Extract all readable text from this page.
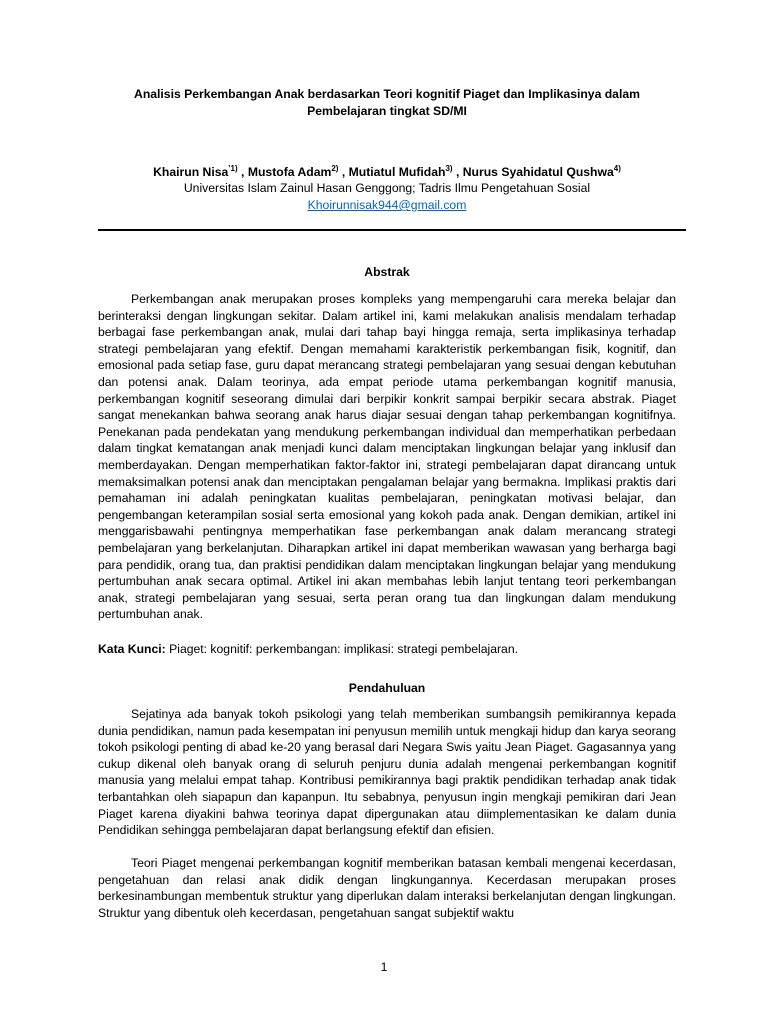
Analisis Perkembangan Anak berdasarkan Teori kognitif Piaget dan Implikasinya dalam Pembelajaran tingkat SD/MI
Khairun Nisa$^{’1)}$ , Mustofa Adam$^{2)}$ , Mutiatul Mufidah$^{3)}$ , Nurus Syahidatul Qushwa$^{4)}$
Universitas Islam Zainul Hasan Genggong; Tadris Ilmu Pengetahuan Sosial
Khoirunnisak944@gmail.com
Abstrak

Perkembangan anak merupakan proses kompleks yang mempengaruhi cara mereka belajar dan berinteraksi dengan lingkungan sekitar. Dalam artikel ini, kami melakukan analisis mendalam terhadap berbagai fase perkembangan anak, mulai dari tahap bayi hingga remaja, serta implikasinya terhadap strategi pembelajaran yang efektif. Dengan memahami karakteristik perkembangan fisik, kognitif, dan emosional pada setiap fase, guru dapat merancang strategi pembelajaran yang sesuai dengan kebutuhan dan potensi anak. Dalam teorinya, ada empat periode utama perkembangan kognitif manusia, perkembangan kognitif seseorang dimulai dari berpikir konkrit sampai berpikir secara abstrak. Piaget sangat menekankan bahwa seorang anak harus diajar sesuai dengan tahap perkembangan kognitifnya. Penekanan pada pendekatan yang mendukung perkembangan individual dan memperhatikan perbedaan dalam tingkat kematangan anak menjadi kunci dalam menciptakan lingkungan belajar yang inklusif dan memberdayakan. Dengan memperhatikan faktor-faktor ini, strategi pembelajaran dapat dirancang untuk memaksimalkan potensi anak dan menciptakan pengalaman belajar yang bermakna. Implikasi praktis dari pemahaman ini adalah peningkatan kualitas pembelajaran, peningkatan motivasi belajar, dan pengembangan keterampilan sosial serta emosional yang kokoh pada anak. Dengan demikian, artikel ini menggarisbawahi pentingnya memperhatikan fase perkembangan anak dalam merancang strategi pembelajaran yang berkelanjutan. Diharapkan artikel ini dapat memberikan wawasan yang berharga bagi para pendidik, orang tua, dan praktisi pendidikan dalam menciptakan lingkungan belajar yang mendukung pertumbuhan anak secara optimal. Artikel ini akan membahas lebih lanjut tentang teori perkembangan anak, strategi pembelajaran yang sesuai, serta peran orang tua dan lingkungan dalam mendukung pertumbuhan anak.

Kata Kunci: Piaget: kognitif: perkembangan: implikasi: strategi pembelajaran.

Pendahuluan

Sejatinya ada banyak tokoh psikologi yang telah memberikan sumbangsih pemikirannya kepada dunia pendidikan, namun pada kesempatan ini penyusun memilih untuk mengkaji hidup dan karya seorang tokoh psikologi penting di abad ke-20 yang berasal dari Negara Swis yaitu Jean Piaget. Gagasannya yang cukup dikenal oleh banyak orang di seluruh penjuru dunia adalah mengenai perkembangan kognitif manusia yang melalui empat tahap. Kontribusi pemikirannya bagi praktik pendidikan terhadap anak tidak terbantahkan oleh siapapun dan kapanpun. Itu sebabnya, penyusun ingin mengkaji pemikiran dari Jean Piaget karena diyakini bahwa teorinya dapat dipergunakan atau diimplementasikan ke dalam dunia Pendidikan sehingga pembelajaran dapat berlangsung efektif dan efisien.

Teori Piaget mengenai perkembangan kognitif memberikan batasan kembali mengenai kecerdasan, pengetahuan dan relasi anak didik dengan lingkungannya. Kecerdasan merupakan proses berkesinambungan membentuk struktur yang diperlukan dalam interaksi berkelanjutan dengan lingkungan. Struktur yang dibentuk oleh kecerdasan, pengetahuan sangat subjektif waktu

1
